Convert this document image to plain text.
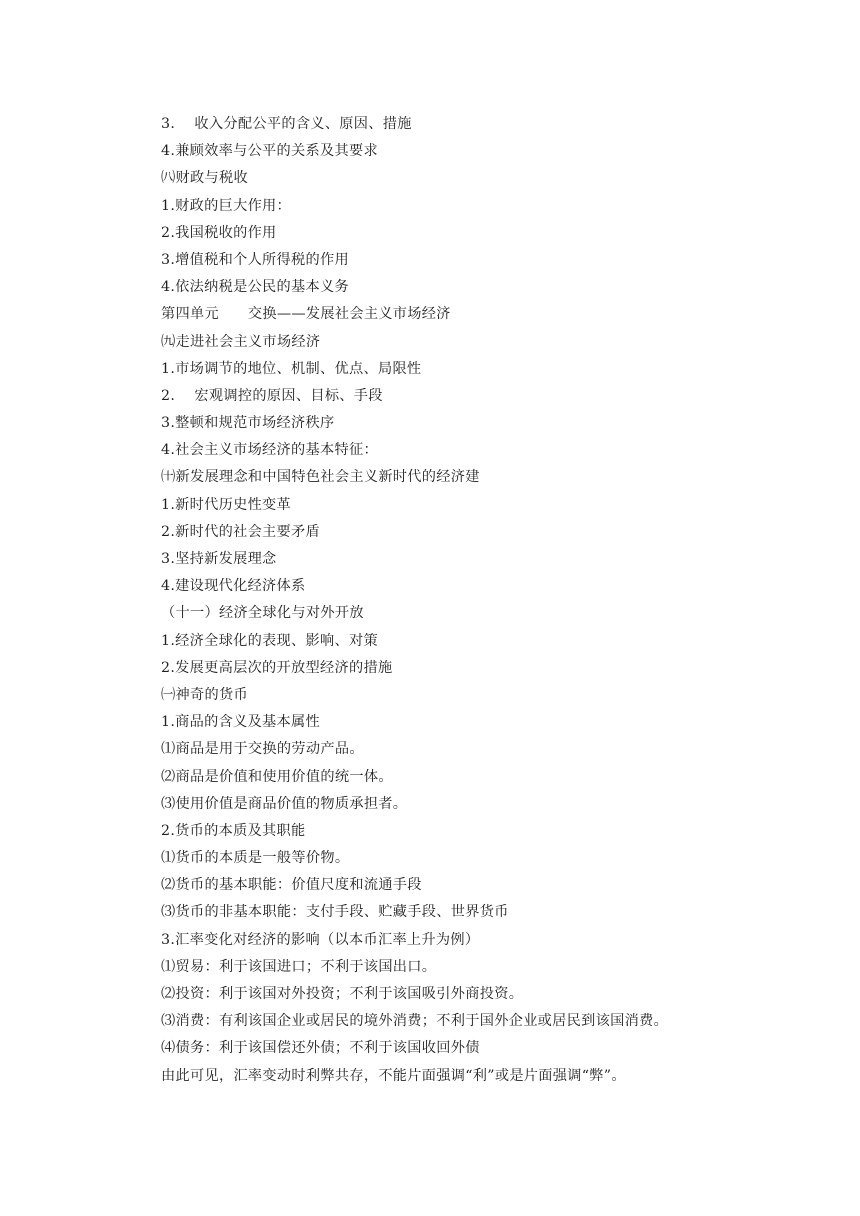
3.　 收入分配公平的含义、原因、措施
4.兼顾效率与公平的关系及其要求
㈧财政与税收
1.财政的巨大作用：
2.我国税收的作用
3.增值税和个人所得税的作用
4.依法纳税是公民的基本义务
第四单元　　交换——发展社会主义市场经济
㈨走进社会主义市场经济
1.市场调节的地位、机制、优点、局限性
2.　 宏观调控的原因、目标、手段
3.整顿和规范市场经济秩序
4.社会主义市场经济的基本特征：
㈩新发展理念和中国特色社会主义新时代的经济建
1.新时代历史性变革
2.新时代的社会主要矛盾
3.坚持新发展理念
4.建设现代化经济体系
（十一）经济全球化与对外开放
1.经济全球化的表现、影响、对策
2.发展更高层次的开放型经济的措施
㈠神奇的货币
1.商品的含义及基本属性
⑴商品是用于交换的劳动产品。
⑵商品是价值和使用价值的统一体。
⑶使用价值是商品价值的物质承担者。
2.货币的本质及其职能
⑴货币的本质是一般等价物。
⑵货币的基本职能：价值尺度和流通手段
⑶货币的非基本职能：支付手段、贮藏手段、世界货币
3.汇率变化对经济的影响（以本币汇率上升为例）
⑴贸易：利于该国进口；不利于该国出口。
⑵投资：利于该国对外投资；不利于该国吸引外商投资。
⑶消费：有利该国企业或居民的境外消费；不利于国外企业或居民到该国消费。
⑷债务：利于该国偿还外债；不利于该国收回外债
由此可见，汇率变动时利弊共存，不能片面强调“利”或是片面强调“弊”。
